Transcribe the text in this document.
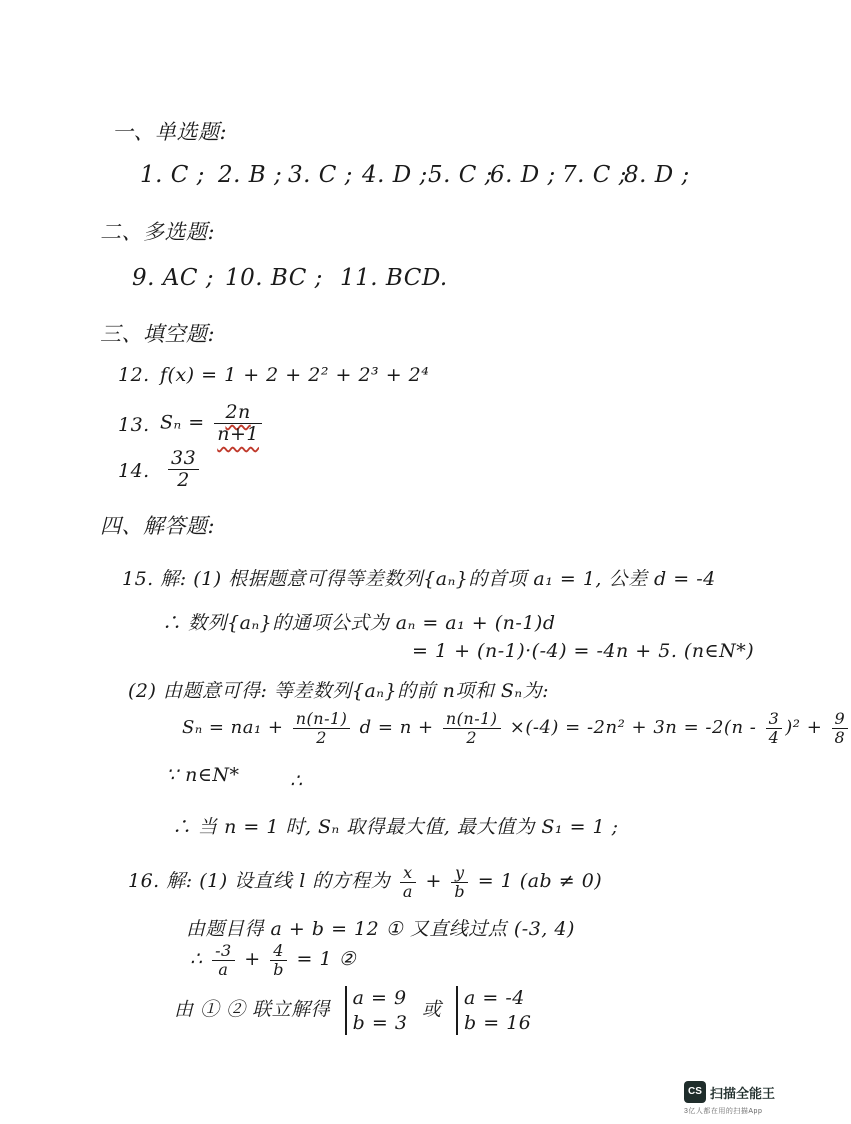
一、单选题:
1. C ; 2. B ; 3. C ; 4. D ; 5. C ;
6. D ; 7. C ;
8. D ;
二、多选题:
9. AC ; 10. BC ; 11. BCD.
三、填空题:
12. f(x) = 1 + 2 + 2² + 2³ + 2⁴
13. $S_n = \frac{2n}{n+1}$
14. $\frac{33}{2}$
四、解答题:
15. 解: (1) 根据题意可得等差数列{aₙ}的首项 a₁ = 1, 公差 d = -4
∴ 数列{aₙ}的通项公式为 aₙ = a₁ + (n-1)d
= 1 + (n-1)·(-4) = -4n + 5. (n∈N*)
(2) 由题意可得: 等差数列{aₙ}的前 n项和 Sₙ为:
$S_n = na_1 + \frac{n(n-1)}{2}$ $d = n + \frac{n(n-1)}{2} \times(-4) = -2n^2 + 3n = -2(n - \frac{3}{4} )^2 + \frac{9}{8}$
∵ n∈N*	∴
∴ 当 n = 1 时, Sₙ 取得最大值, 最大值为 S₁ = 1 ;
16. 解: (1) 设直线 l 的方程为 $\frac{x}{a} + \frac{y}{b} = 1$ (ab ≠ 0)
由题目得 a + b = 12 ① 又直线过点 (-3, 4)
∴ $\frac{-3}{a} + \frac{4}{b} = 1$ ②
由 ① ② 联立解得
a = 9
b = 3
或
a = -4
b = 16
CS 扫描全能王
3亿人都在用的扫描App
